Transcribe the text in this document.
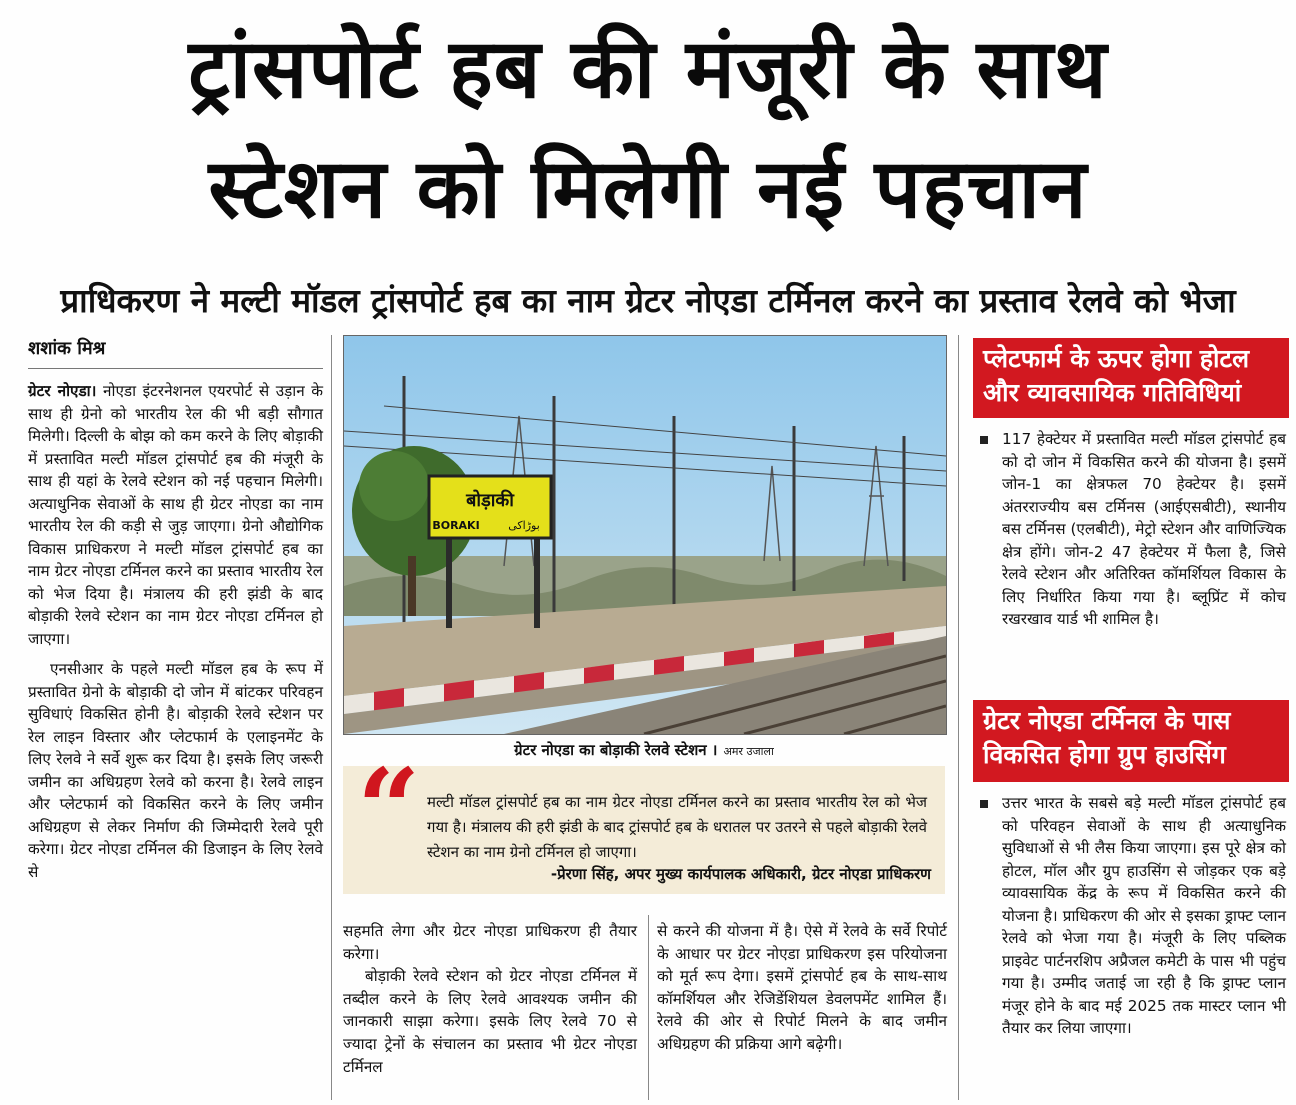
ट्रांसपोर्ट हब की मंजूरी के साथ
स्टेशन को मिलेगी नई पहचान
प्राधिकरण ने मल्टी मॉडल ट्रांसपोर्ट हब का नाम ग्रेटर नोएडा टर्मिनल करने का प्रस्ताव रेलवे को भेजा
शशांक मिश्र

ग्रेटर नोएडा। नोएडा इंटरनेशनल एयरपोर्ट से उड़ान के साथ ही ग्रेनो को भारतीय रेल की भी बड़ी सौगात मिलेगी। दिल्ली के बोझ को कम करने के लिए बोड़ाकी में प्रस्तावित मल्टी मॉडल ट्रांसपोर्ट हब की मंजूरी के साथ ही यहां के रेलवे स्टेशन को नई पहचान मिलेगी। अत्याधुनिक सेवाओं के साथ ही ग्रेटर नोएडा का नाम भारतीय रेल की कड़ी से जुड़ जाएगा। ग्रेनो औद्योगिक विकास प्राधिकरण ने मल्टी मॉडल ट्रांसपोर्ट हब का नाम ग्रेटर नोएडा टर्मिनल करने का प्रस्ताव भारतीय रेल को भेज दिया है। मंत्रालय की हरी झंडी के बाद बोड़ाकी रेलवे स्टेशन का नाम ग्रेटर नोएडा टर्मिनल हो जाएगा।

एनसीआर के पहले मल्टी मॉडल हब के रूप में प्रस्तावित ग्रेनो के बोड़ाकी दो जोन में बांटकर परिवहन सुविधाएं विकसित होनी है। बोड़ाकी रेलवे स्टेशन पर रेल लाइन विस्तार और प्लेटफार्म के एलाइनमेंट के लिए रेलवे ने सर्वे शुरू कर दिया है। इसके लिए जरूरी जमीन का अधिग्रहण रेलवे को करना है। रेलवे लाइन और प्लेटफार्म को विकसित करने के लिए जमीन अधिग्रहण से लेकर निर्माण की जिम्मेदारी रेलवे पूरी करेगा। ग्रेटर नोएडा टर्मिनल की डिजाइन के लिए रेलवे से

बोड़ाकी
BORAKI	بوڑاکی
ग्रेटर नोएडा का बोड़ाकी रेलवे स्टेशन । अमर उजाला
“ मल्टी मॉडल ट्रांसपोर्ट हब का नाम ग्रेटर नोएडा टर्मिनल करने का प्रस्ताव भारतीय रेल को भेज गया है। मंत्रालय की हरी झंडी के बाद ट्रांसपोर्ट हब के धरातल पर उतरने से पहले बोड़ाकी रेलवे स्टेशन का नाम ग्रेनो टर्मिनल हो जाएगा।
-प्रेरणा सिंह, अपर मुख्य कार्यपालक अधिकारी, ग्रेटर नोएडा प्राधिकरण

सहमति लेगा और ग्रेटर नोएडा प्राधिकरण ही तैयार करेगा।

बोड़ाकी रेलवे स्टेशन को ग्रेटर नोएडा टर्मिनल में तब्दील करने के लिए रेलवे आवश्यक जमीन की जानकारी साझा करेगा। इसके लिए रेलवे 70 से ज्यादा ट्रेनों के संचालन का प्रस्ताव भी ग्रेटर नोएडा टर्मिनल

से करने की योजना में है। ऐसे में रेलवे के सर्वे रिपोर्ट के आधार पर ग्रेटर नोएडा प्राधिकरण इस परियोजना को मूर्त रूप देगा। इसमें ट्रांसपोर्ट हब के साथ-साथ कॉमर्शियल और रेजिडेंशियल डेवलपमेंट शामिल हैं। रेलवे की ओर से रिपोर्ट मिलने के बाद जमीन अधिग्रहण की प्रक्रिया आगे बढ़ेगी।

प्लेटफार्म के ऊपर होगा होटल और व्यावसायिक गतिविधियां
117 हेक्टेयर में प्रस्तावित मल्टी मॉडल ट्रांसपोर्ट हब को दो जोन में विकसित करने की योजना है। इसमें जोन-1 का क्षेत्रफल 70 हेक्टेयर है। इसमें अंतरराज्यीय बस टर्मिनस (आईएसबीटी), स्थानीय बस टर्मिनस (एलबीटी), मेट्रो स्टेशन और वाणिज्यिक क्षेत्र होंगे। जोन-2 47 हेक्टेयर में फैला है, जिसे रेलवे स्टेशन और अतिरिक्त कॉमर्शियल विकास के लिए निर्धारित किया गया है। ब्लूप्रिंट में कोच रखरखाव यार्ड भी शामिल है।
ग्रेटर नोएडा टर्मिनल के पास विकसित होगा ग्रुप हाउसिंग
उत्तर भारत के सबसे बड़े मल्टी मॉडल ट्रांसपोर्ट हब को परिवहन सेवाओं के साथ ही अत्याधुनिक सुविधाओं से भी लैस किया जाएगा। इस पूरे क्षेत्र को होटल, मॉल और ग्रुप हाउसिंग से जोड़कर एक बड़े व्यावसायिक केंद्र के रूप में विकसित करने की योजना है। प्राधिकरण की ओर से इसका ड्राफ्ट प्लान रेलवे को भेजा गया है। मंजूरी के लिए पब्लिक प्राइवेट पार्टनरशिप अप्रैजल कमेटी के पास भी पहुंच गया है। उम्मीद जताई जा रही है कि ड्राफ्ट प्लान मंजूर होने के बाद मई 2025 तक मास्टर प्लान भी तैयार कर लिया जाएगा।
